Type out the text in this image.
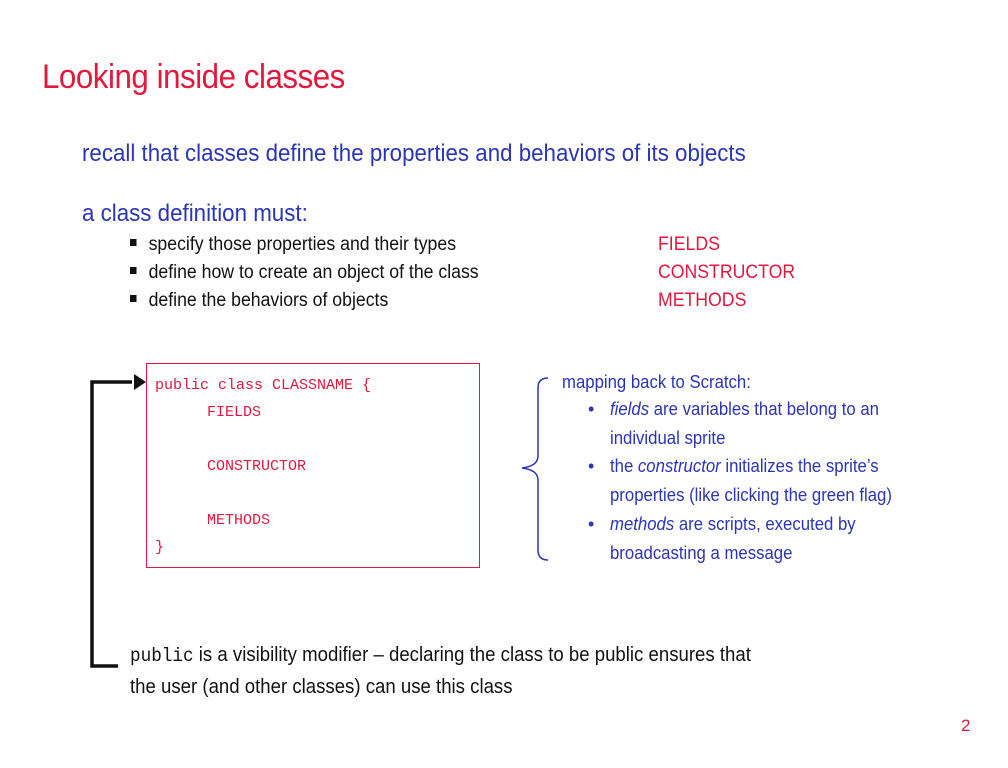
Looking inside classes
recall that classes define the properties and behaviors of its objects
a class definition must:
specify those properties and their types	FIELDS
define how to create an object of the class	CONSTRUCTOR
define the behaviors of objects	METHODS
public class CLASSNAME {
FIELDS
CONSTRUCTOR
METHODS
}
mapping back to Scratch:
• fields are variables that belong to an
individual sprite
• the constructor initializes the sprite’s
properties (like clicking the green flag)
• methods are scripts, executed by
broadcasting a message
public is a visibility modifier – declaring the class to be public ensures that
the user (and other classes) can use this class
2
